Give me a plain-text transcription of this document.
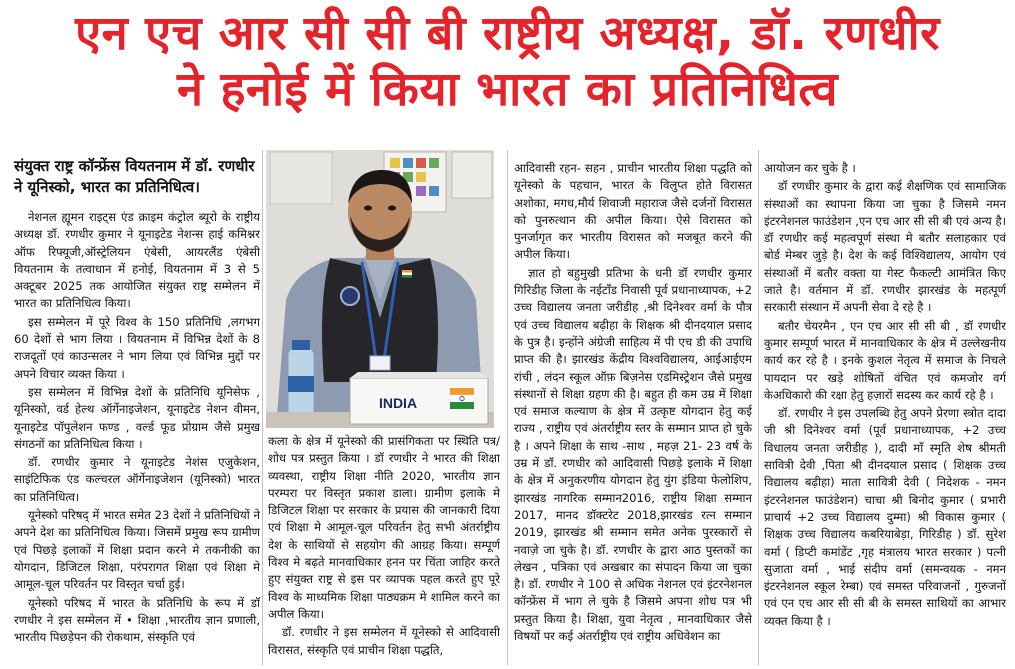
एन एच आर सी सी बी राष्ट्रीय अध्यक्ष, डॉ. रणधीर
ने हनोई में किया भारत का प्रतिनिधित्व
संयुक्त राष्ट्र कॉन्फ्रेंस वियतनाम में डॉ. रणधीर ने यूनिस्को, भारत का प्रतिनिधित्व।

नेशनल ह्यूमन राइट्स एंड क्राइम कंट्रोल ब्यूरो के राष्ट्रीय अध्यक्ष डॉ. रणधीर कुमार ने यूनाइटेड नेशन्स हाई कमिश्नर ऑफ रिफ्यूजी,ऑस्ट्रेलियन एंबेसी, आयरलैंड एंबेसी वियतनाम के तत्वाधान में हनोई, वियतनाम में 3 से 5 अक्टूबर 2025 तक आयोजित संयुक्त राष्ट्र सम्मेलन में भारत का प्रतिनिधित्व किया।

इस सम्मेलन में पूरे विश्व के 150 प्रतिनिधि ,लगभग 60 देशों से भाग लिया । वियतनाम में विभिन्न देशों के 8 राजदूतों एवं काउन्सलर ने भाग लिया एवं विभिन्न मुद्दों पर अपने विचार व्यक्त किया ।

इस सम्मेलन में विभिन्न देशों के प्रतिनिधि यूनिसेफ , यूनिस्को, वर्ड हेल्थ ऑर्गेनाइजेशन, यूनाइटेड नेशन वीमन, यूनाइटेड पॉपुलेशन फण्ड , वर्ल्ड फूड प्रोग्राम जैसे प्रमुख संगठनों का प्रतिनिधित्व किया ।

डॉ. रणधीर कुमार ने यूनाइटेड नेशंस एजुकेशन, साइंटिफिक एंड कल्चरल ऑर्गेनाइजेशन (यूनिस्को) भारत का प्रतिनिधित्व।

यूनेस्को परिषद् में भारत समेत 23 देशों ने प्रतिनिधियों ने अपने देश का प्रतिनिधित्व किया। जिसमें प्रमुख रूप ग्रामीण एवं पिछड़े इलाकों में शिक्षा प्रदान करने मे तकनीकी का योगदान, डिजिटल शिक्षा, परंपरागत शिक्षा एवं शिक्षा मे आमूल-चूल परिवर्तन पर विस्तृत चर्चा हुई।

यूनेस्को परिषद में भारत के प्रतिनिधि के रूप में डॉ रणधीर ने इस सम्मेलन में • शिक्षा ,भारतीय ज्ञान प्रणाली, भारतीय पिछड़ेपन की रोकथाम, संस्कृति एवं

INDIA

कला के क्षेत्र में यूनेस्को की प्रासंगिकता पर स्थिति पत्र/शोध पत्र प्रस्तुत किया । डॉ रणधीर ने भारत की शिक्षा व्यवस्था, राष्ट्रीय शिक्षा नीति 2020, भारतीय ज्ञान परम्परा पर विस्तृत प्रकाश डाला। ग्रामीण इलाके मे डिजिटल शिक्षा पर सरकार के प्रयास की जानकारी दिया एवं शिक्षा मे आमूल-चूल परिवर्तन हेतु सभी अंतर्राष्ट्रीय देश के साथियों से सहयोग की आग्रह किया। सम्पूर्ण विश्व मे बढ़ते मानवाधिकार हनन पर चिंता जाहिर करते हुए संयुक्त राष्ट्र से इस पर व्यापक पहल करते हुए पूरे विश्व के माध्यमिक शिक्षा पाठ्यक्रम मे शामिल करने का अपील किया।

डॉ. रणधीर ने इस सम्मेलन में यूनेस्को से आदिवासी विरासत, संस्कृति एवं प्राचीन शिक्षा पद्धति,

आदिवासी रहन- सहन , प्राचीन भारतीय शिक्षा पद्धति को यूनेस्को के पहचान, भारत के विलुप्त होते विरासत अशोका, मगध,मौर्य शिवाजी महाराज जैसे दर्जनों विरासत को पुनरुत्थान की अपील किया। ऐसे विरासत को पुनर्जागृत कर भारतीय विरासत को मजबूत करने की अपील किया।

ज्ञात हो बहुमुखी प्रतिभा के धनी डॉ रणधीर कुमार गिरिडीह जिला के नईटाँड निवासी पूर्व प्रधानाध्यापक, +2 उच्च विद्यालय जनता जरीडीह ,श्री दिनेश्वर वर्मा के पौत्र एवं उच्च विद्यालय बढ़ीहा के शिक्षक श्री दीनदयाल प्रसाद के पुत्र है। इन्होंने अंग्रेजी साहित्य में पी एच डी की उपाधि प्राप्त की है। झारखंड केंद्रीय विश्वविद्यालय, आईआईएम रांची , लंदन स्कूल ऑफ़ बिज़नेस एडमिस्ट्रेशन जैसे प्रमुख संस्थानों से शिक्षा ग्रहण की है। बहुत ही कम उम्र में शिक्षा एवं समाज कल्याण के क्षेत्र में उत्कृष्ट योगदान हेतु कई राज्य , राष्ट्रीय एवं अंतर्राष्ट्रीय स्तर के सम्मान प्राप्त हो चुके है । अपने शिक्षा के साथ -साथ , महज़ 21- 23 वर्ष के उम्र में डॉ. रणधीर को आदिवासी पिछड़े इलाके में शिक्षा के क्षेत्र में अनुकरणीय योगदान हेतु युंग इंडिया फेलोशिप, झारखंड नागरिक सम्मान2016, राष्ट्रीय शिक्षा सम्मान 2017, मानद डॉक्टरेट 2018,झारखंड रत्न सम्मान 2019, झारखंड श्री सम्मान समेत अनेक पुरस्कारों से नवाज़े जा चुके है। डॉ. रणधीर के द्वारा आठ पुस्तकों का लेखन , पत्रिका एवं अखबार का संपादन किया जा चुका है। डॉ. रणधीर ने 100 से अधिक नेशनल एवं इंटरनेशनल कॉन्फ्रेंस में भाग ले चुके है जिसमे अपना शोध पत्र भी प्रस्तुत किया है। शिक्षा, युवा नेतृत्व , मानवाधिकार जैसे विषयों पर कई अंतर्राष्ट्रीय एवं राष्ट्रीय अधिवेशन का

आयोजन कर चुके है ।

डॉ रणधीर कुमार के द्वारा कई शैक्षणिक एवं सामाजिक संस्थाओं का स्थापना किया जा चुका है जिसमे नमन इंटरनेशनल फाउंडेशन ,एन एच आर सी सी बी एवं अन्य है। डॉ रणधीर कई महत्वपूर्ण संस्था मे बतौर सलाहकार एवं बोर्ड मेम्बर जुड़े है। देश के कई विश्विद्यालय, आयोग एवं संस्थाओं में बतौर वक्ता या गेस्ट फैकल्टी आमंत्रित किए जाते है। वर्तमान में डॉ. रणधीर झारखंड के महत्पूर्ण सरकारी संस्थान में अपनी सेवा दे रहे है ।

बतौर चेयरमैन , एन एच आर सी सी बी , डॉ रणधीर कुमार सम्पूर्ण भारत में मानवाधिकार के क्षेत्र में उल्लेखनीय कार्य कर रहे है । इनके कुशल नेतृत्व में समाज के निचले पायदान पर खड़े शोषितों वंचित एवं कमजोर वर्ग केअधिकारो की रक्षा हेतु हज़ारों सदस्य कर कार्य रहे है ।

डॉ. रणधीर ने इस उपलब्धि हेतु अपने प्रेरणा स्त्रोत दादा जी श्री दिनेश्वर वर्मा (पूर्व प्रधानाध्यापक, +2 उच्च विधालय जनता जरीडीह ), दादी माँ स्मृति शेष श्रीमती सावित्री देवी ,पिता श्री दीनदयाल प्रसाद ( शिक्षक उच्च विद्यालय बढ़ीहा) माता सावित्री देवी ( निदेशक - नमन इंटरनेशनल फाउंडेशन) चाचा श्री बिनोद कुमार ( प्रभारी प्राचार्य +2 उच्च विद्यालय दुम्मा) श्री विकास कुमार ( शिक्षक उच्च विद्यालय कबरियाबेड़ा, गिरिडीह ) डॉ. सुरेश वर्मा ( डिप्टी कमांडेंट ,गृह मंत्रालय भारत सरकार ) पत्नी सुजाता वर्मा , भाई संदीप वर्मा (समन्वयक - नमन इंटरनेशनल स्कूल रेम्बा) एवं समस्त परिवाजनों , गुरुजनों एवं एन एच आर सी सी बी के समस्त साथियों का आभार व्यक्त किया है ।
